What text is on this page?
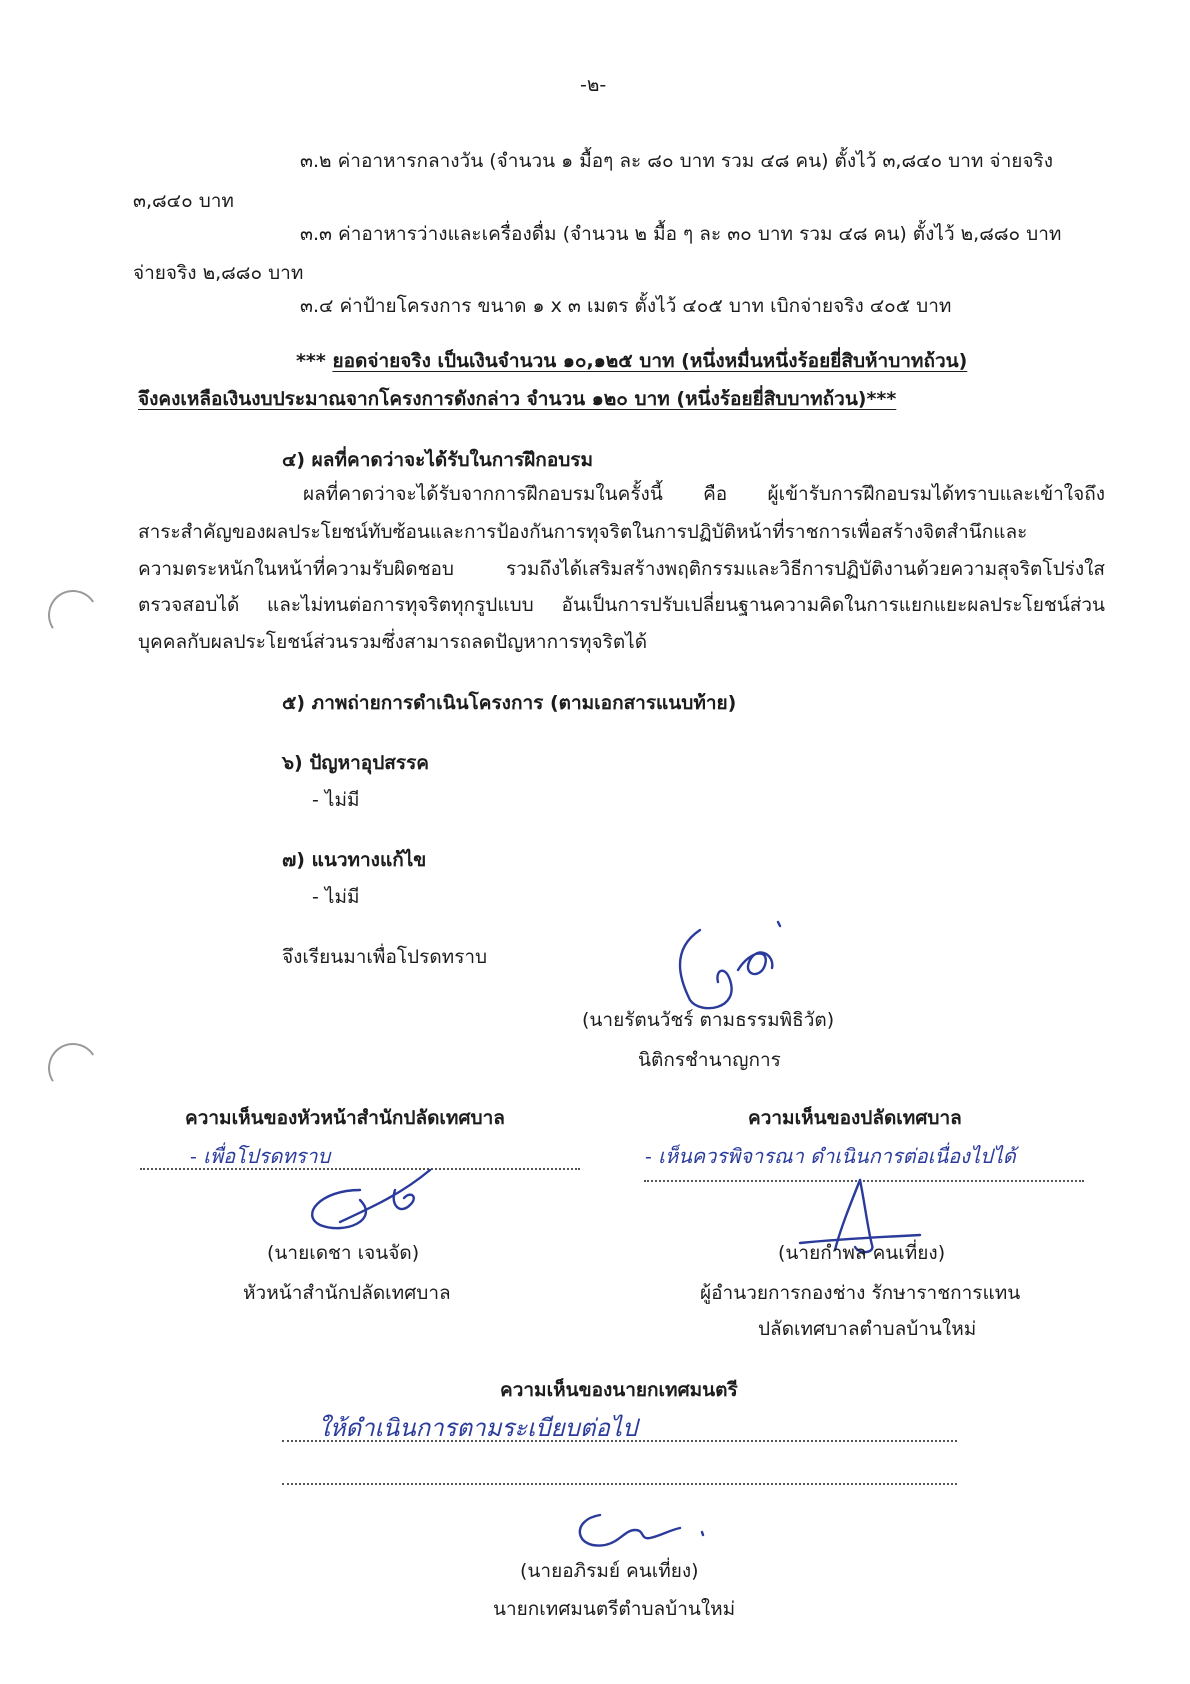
-๒-
๓.๒ ค่าอาหารกลางวัน (จำนวน ๑ มื้อๆ ละ ๘๐ บาท รวม ๔๘ คน) ตั้งไว้ ๓,๘๔๐ บาท จ่ายจริง
๓,๘๔๐ บาท
๓.๓ ค่าอาหารว่างและเครื่องดื่ม (จำนวน ๒ มื้อ ๆ ละ ๓๐ บาท รวม ๔๘ คน) ตั้งไว้ ๒,๘๘๐ บาท
จ่ายจริง ๒,๘๘๐ บาท
๓.๔ ค่าป้ายโครงการ ขนาด ๑ x ๓ เมตร ตั้งไว้ ๔๐๕ บาท เบิกจ่ายจริง ๔๐๕ บาท
*** ยอดจ่ายจริง เป็นเงินจำนวน ๑๐,๑๒๕ บาท (หนึ่งหมื่นหนึ่งร้อยยี่สิบห้าบาทถ้วน)
จึงคงเหลือเงินงบประมาณจากโครงการดังกล่าว จำนวน ๑๒๐ บาท (หนึ่งร้อยยี่สิบบาทถ้วน)***
๔) ผลที่คาดว่าจะได้รับในการฝึกอบรม
ผลที่คาดว่าจะได้รับจากการฝึกอบรมในครั้งนี้ คือ ผู้เข้ารับการฝึกอบรมได้ทราบและเข้าใจถึง
สาระสำคัญของผลประโยชน์ทับซ้อนและการป้องกันการทุจริตในการปฏิบัติหน้าที่ราชการเพื่อสร้างจิตสำนึกและ
ความตระหนักในหน้าที่ความรับผิดชอบ รวมถึงได้เสริมสร้างพฤติกรรมและวิธีการปฏิบัติงานด้วยความสุจริตโปร่งใส
ตรวจสอบได้ และไม่ทนต่อการทุจริตทุกรูปแบบ อันเป็นการปรับเปลี่ยนฐานความคิดในการแยกแยะผลประโยชน์ส่วน
บุคคลกับผลประโยชน์ส่วนรวมซึ่งสามารถลดปัญหาการทุจริตได้
๕) ภาพถ่ายการดำเนินโครงการ (ตามเอกสารแนบท้าย)
๖) ปัญหาอุปสรรค
- ไม่มี
๗) แนวทางแก้ไข
- ไม่มี
จึงเรียนมาเพื่อโปรดทราบ
(นายรัตนวัชร์ ตามธรรมพิธิวัต)
นิติกรชำนาญการ
ความเห็นของหัวหน้าสำนักปลัดเทศบาล
- เพื่อโปรดทราบ
(นายเดชา เจนจัด)
หัวหน้าสำนักปลัดเทศบาล
ความเห็นของปลัดเทศบาล
- เห็นควรพิจารณา ดำเนินการต่อเนื่องไปได้
(นายกำพล คนเที่ยง)
ผู้อำนวยการกองช่าง รักษาราชการแทน
ปลัดเทศบาลตำบลบ้านใหม่
ความเห็นของนายกเทศมนตรี
ให้ดำเนินการตามระเบียบต่อไป
(นายอภิรมย์ คนเที่ยง)
นายกเทศมนตรีตำบลบ้านใหม่
